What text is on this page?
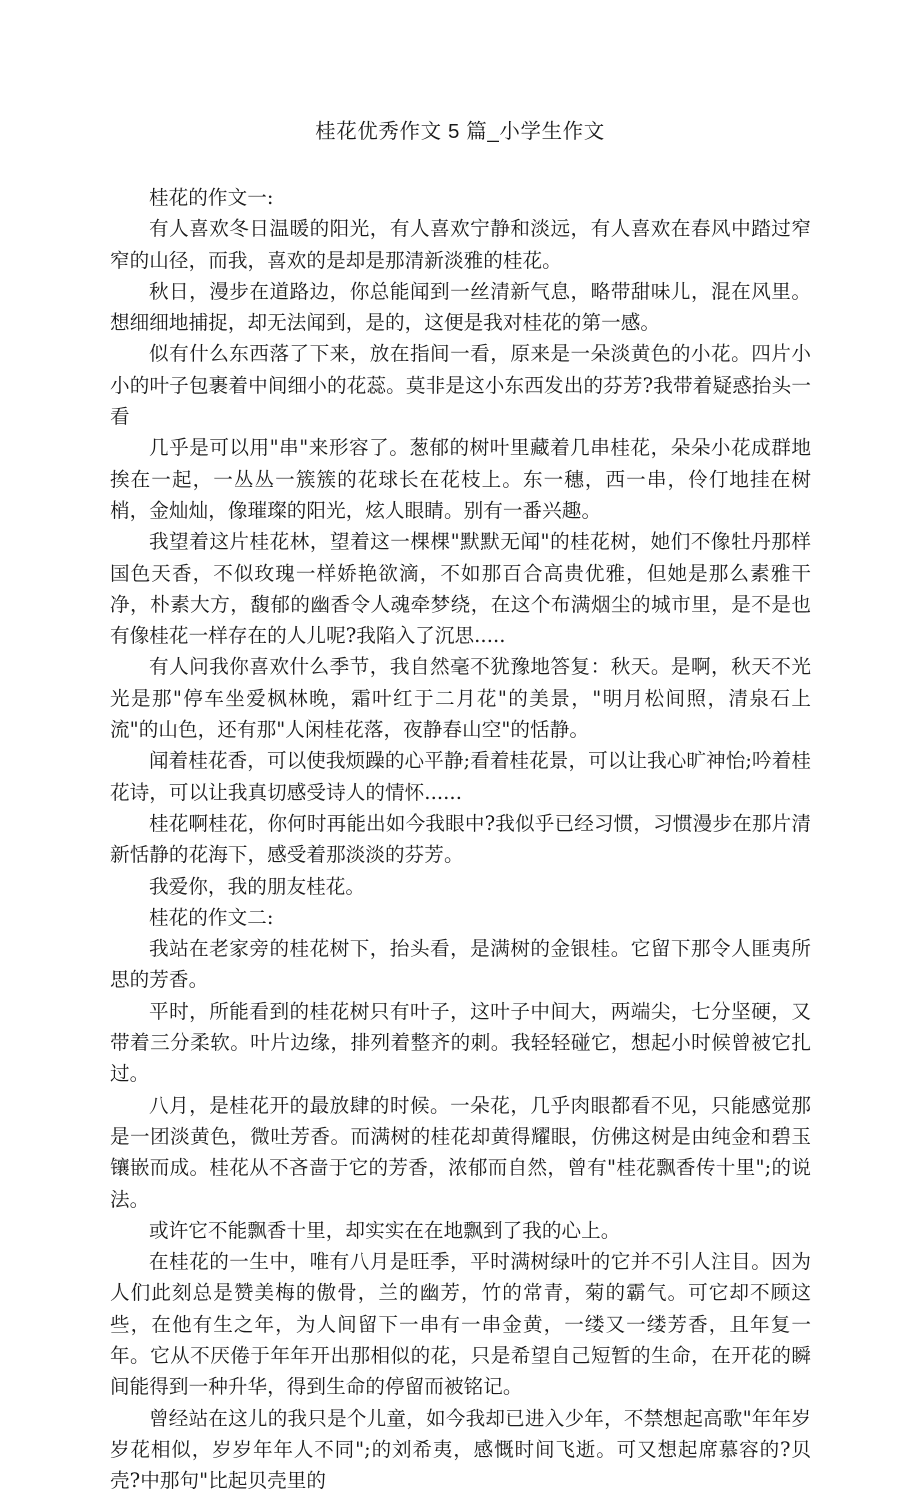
桂花优秀作文 5 篇_小学生作文

桂花的作文一:

有人喜欢冬日温暖的阳光，有人喜欢宁静和淡远，有人喜欢在春风中踏过窄窄的山径，而我，喜欢的是却是那清新淡雅的桂花。

秋日，漫步在道路边，你总能闻到一丝清新气息，略带甜味儿，混在风里。想细细地捕捉，却无法闻到，是的，这便是我对桂花的第一感。

似有什么东西落了下来，放在指间一看，原来是一朵淡黄色的小花。四片小小的叶子包裹着中间细小的花蕊。莫非是这小东西发出的芬芳?我带着疑惑抬头一看

几乎是可以用"串"来形容了。葱郁的树叶里藏着几串桂花，朵朵小花成群地挨在一起，一丛丛一簇簇的花球长在花枝上。东一穗，西一串，伶仃地挂在树梢，金灿灿，像璀璨的阳光，炫人眼睛。别有一番兴趣。

我望着这片桂花林，望着这一棵棵"默默无闻"的桂花树，她们不像牡丹那样国色天香，不似玫瑰一样娇艳欲滴，不如那百合高贵优雅，但她是那么素雅干净，朴素大方，馥郁的幽香令人魂牵梦绕，在这个布满烟尘的城市里，是不是也有像桂花一样存在的人儿呢?我陷入了沉思.....

有人问我你喜欢什么季节，我自然毫不犹豫地答复：秋天。是啊，秋天不光光是那"停车坐爱枫林晚，霜叶红于二月花"的美景，"明月松间照，清泉石上流"的山色，还有那"人闲桂花落，夜静春山空"的恬静。

闻着桂花香，可以使我烦躁的心平静;看着桂花景，可以让我心旷神怡;吟着桂花诗，可以让我真切感受诗人的情怀......

桂花啊桂花，你何时再能出如今我眼中?我似乎已经习惯，习惯漫步在那片清新恬静的花海下，感受着那淡淡的芬芳。

我爱你，我的朋友桂花。

桂花的作文二:

我站在老家旁的桂花树下，抬头看，是满树的金银桂。它留下那令人匪夷所思的芳香。

平时，所能看到的桂花树只有叶子，这叶子中间大，两端尖，七分坚硬，又带着三分柔软。叶片边缘，排列着整齐的刺。我轻轻碰它，想起小时候曾被它扎过。

八月，是桂花开的最放肆的时候。一朵花，几乎肉眼都看不见，只能感觉那是一团淡黄色，微吐芳香。而满树的桂花却黄得耀眼，仿佛这树是由纯金和碧玉镶嵌而成。桂花从不吝啬于它的芳香，浓郁而自然，曾有"桂花飘香传十里";的说法。

或许它不能飘香十里，却实实在在地飘到了我的心上。

在桂花的一生中，唯有八月是旺季，平时满树绿叶的它并不引人注目。因为人们此刻总是赞美梅的傲骨，兰的幽芳，竹的常青，菊的霸气。可它却不顾这些，在他有生之年，为人间留下一串有一串金黄，一缕又一缕芳香，且年复一年。它从不厌倦于年年开出那相似的花，只是希望自己短暂的生命，在开花的瞬间能得到一种升华，得到生命的停留而被铭记。

曾经站在这儿的我只是个儿童，如今我却已进入少年，不禁想起高歌"年年岁岁花相似，岁岁年年人不同";的刘希夷，感慨时间飞逝。可又想起席慕容的?贝壳?中那句"比起贝壳里的
